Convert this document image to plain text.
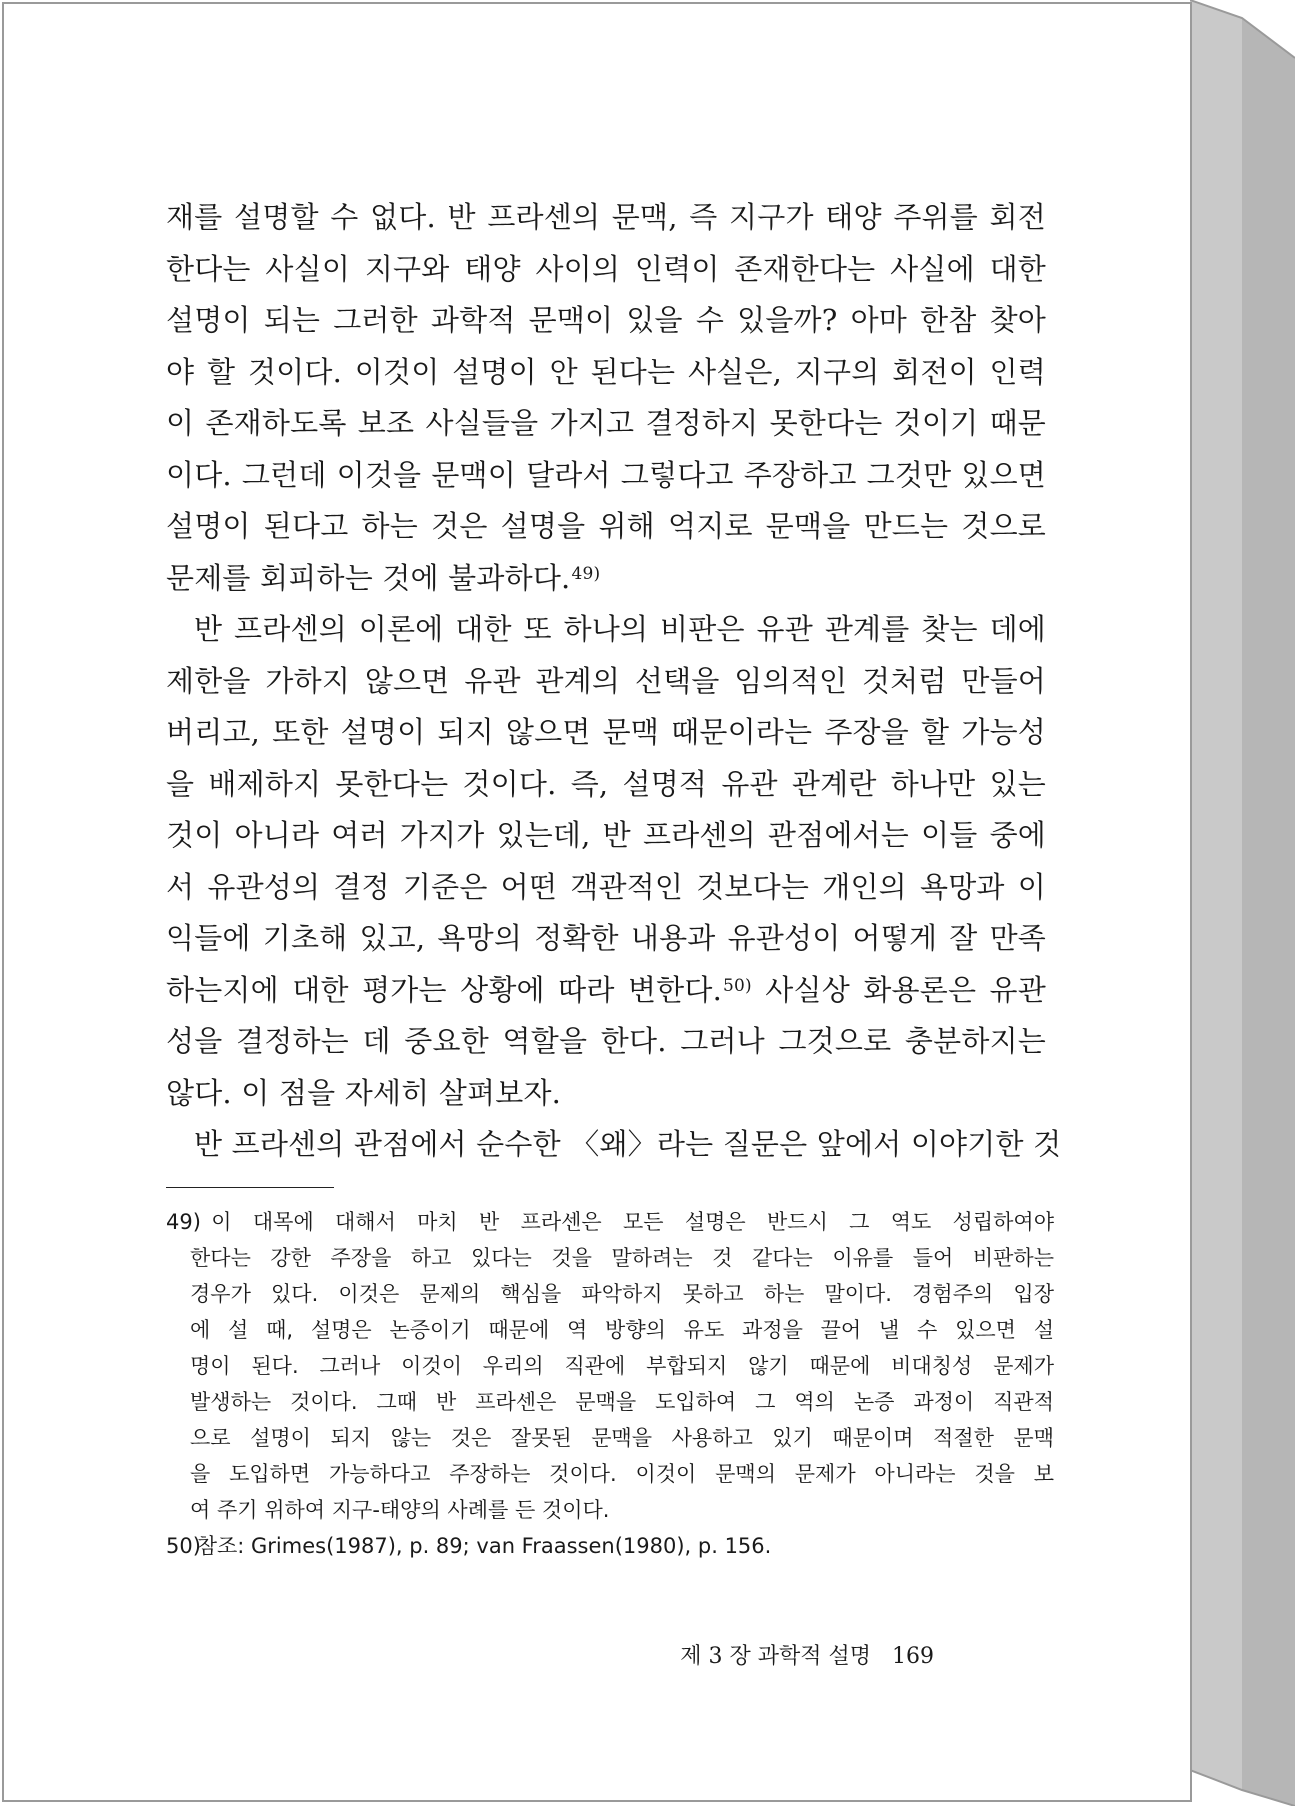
재를 설명할 수 없다. 반 프라센의 문맥, 즉 지구가 태양 주위를 회전
한다는 사실이 지구와 태양 사이의 인력이 존재한다는 사실에 대한
설명이 되는 그러한 과학적 문맥이 있을 수 있을까? 아마 한참 찾아
야 할 것이다. 이것이 설명이 안 된다는 사실은, 지구의 회전이 인력
이 존재하도록 보조 사실들을 가지고 결정하지 못한다는 것이기 때문
이다. 그런데 이것을 문맥이 달라서 그렇다고 주장하고 그것만 있으면
설명이 된다고 하는 것은 설명을 위해 억지로 문맥을 만드는 것으로
문제를 회피하는 것에 불과하다.$^{49)}$

반 프라센의 이론에 대한 또 하나의 비판은 유관 관계를 찾는 데에
제한을 가하지 않으면 유관 관계의 선택을 임의적인 것처럼 만들어
버리고, 또한 설명이 되지 않으면 문맥 때문이라는 주장을 할 가능성
을 배제하지 못한다는 것이다. 즉, 설명적 유관 관계란 하나만 있는
것이 아니라 여러 가지가 있는데, 반 프라센의 관점에서는 이들 중에
서 유관성의 결정 기준은 어떤 객관적인 것보다는 개인의 욕망과 이
익들에 기초해 있고, 욕망의 정확한 내용과 유관성이 어떻게 잘 만족
하는지에 대한 평가는 상황에 따라 변한다.$^{50)}$ 사실상 화용론은 유관
성을 결정하는 데 중요한 역할을 한다. 그러나 그것으로 충분하지는
않다. 이 점을 자세히 살펴보자.

반 프라센의 관점에서 순수한 〈왜〉라는 질문은 앞에서 이야기한 것

49) 이 대목에 대해서 마치 반 프라센은 모든 설명은 반드시 그 역도 성립하여야
한다는 강한 주장을 하고 있다는 것을 말하려는 것 같다는 이유를 들어 비판하는
경우가 있다. 이것은 문제의 핵심을 파악하지 못하고 하는 말이다. 경험주의 입장
에 설 때, 설명은 논증이기 때문에 역 방향의 유도 과정을 끌어 낼 수 있으면 설
명이 된다. 그러나 이것이 우리의 직관에 부합되지 않기 때문에 비대칭성 문제가
발생하는 것이다. 그때 반 프라센은 문맥을 도입하여 그 역의 논증 과정이 직관적
으로 설명이 되지 않는 것은 잘못된 문맥을 사용하고 있기 때문이며 적절한 문맥
을 도입하면 가능하다고 주장하는 것이다. 이것이 문맥의 문제가 아니라는 것을 보
여 주기 위하여 지구-태양의 사례를 든 것이다.
50) 참조: Grimes(1987), p. 89; van Fraassen(1980), p. 156.
제 3 장 과학적 설명 169
